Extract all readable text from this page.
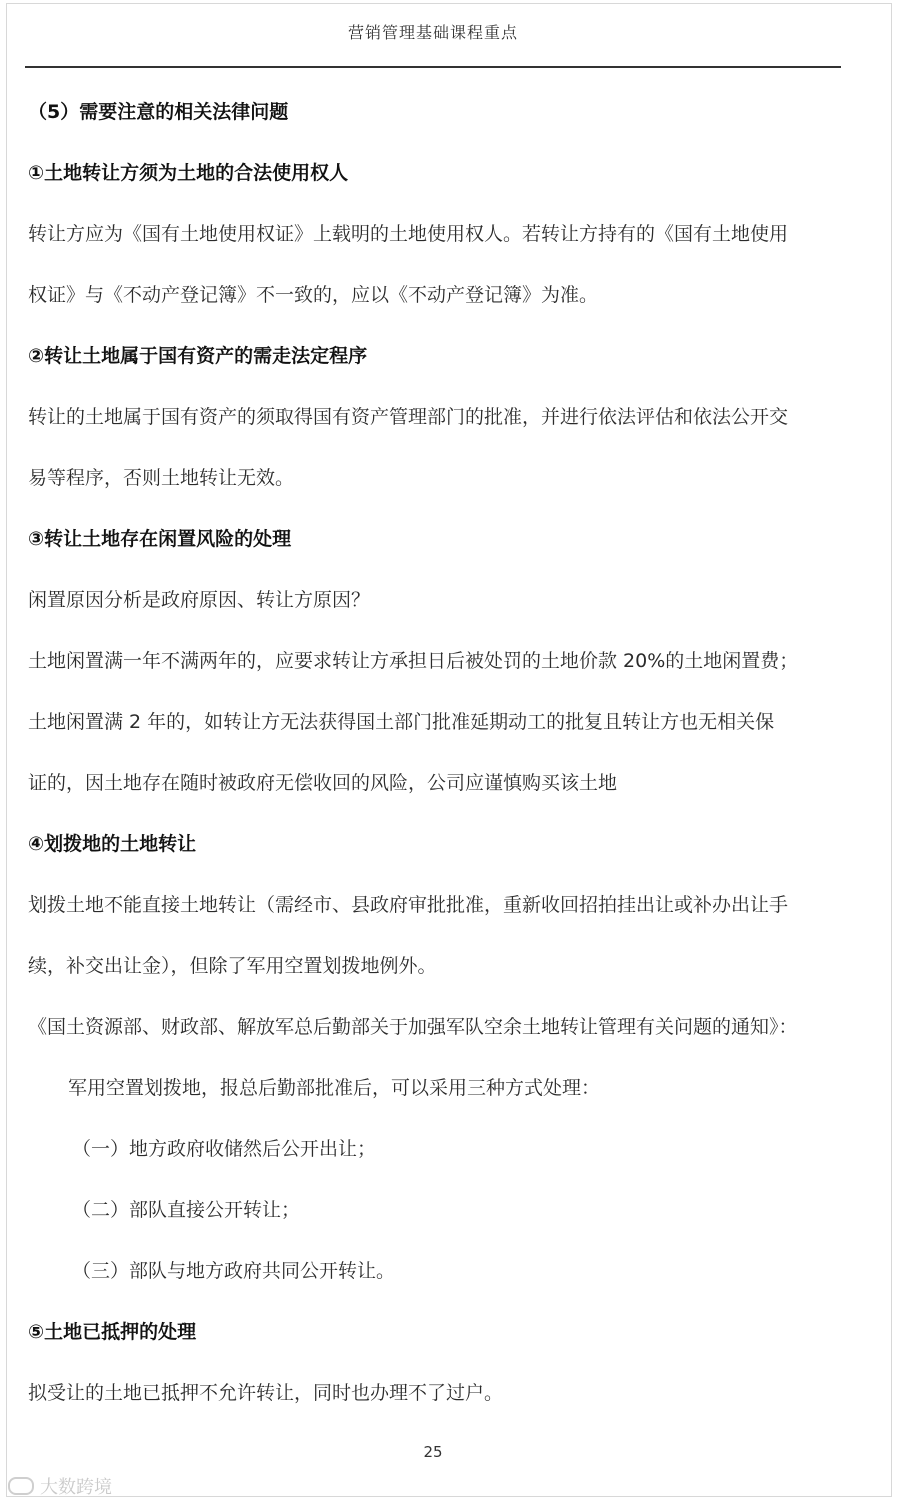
营销管理基础课程重点
（5）需要注意的相关法律问题
①土地转让方须为土地的合法使用权人
转让方应为《国有土地使用权证》上载明的土地使用权人。若转让方持有的《国有土地使用
权证》与《不动产登记簿》不一致的，应以《不动产登记簿》为准。
②转让土地属于国有资产的需走法定程序
转让的土地属于国有资产的须取得国有资产管理部门的批准，并进行依法评估和依法公开交
易等程序，否则土地转让无效。
③转让土地存在闲置风险的处理
闲置原因分析是政府原因、转让方原因？
土地闲置满一年不满两年的，应要求转让方承担日后被处罚的土地价款 20%的土地闲置费；
土地闲置满 2 年的，如转让方无法获得国土部门批准延期动工的批复且转让方也无相关保
证的，因土地存在随时被政府无偿收回的风险，公司应谨慎购买该土地
④划拨地的土地转让
划拨土地不能直接土地转让（需经市、县政府审批批准，重新收回招拍挂出让或补办出让手
续，补交出让金），但除了军用空置划拨地例外。
《国土资源部、财政部、解放军总后勤部关于加强军队空余土地转让管理有关问题的通知》：
军用空置划拨地，报总后勤部批准后，可以采用三种方式处理：
（一）地方政府收储然后公开出让；
（二）部队直接公开转让；
（三）部队与地方政府共同公开转让。
⑤土地已抵押的处理
拟受让的土地已抵押不允许转让，同时也办理不了过户。
25
大数跨境
